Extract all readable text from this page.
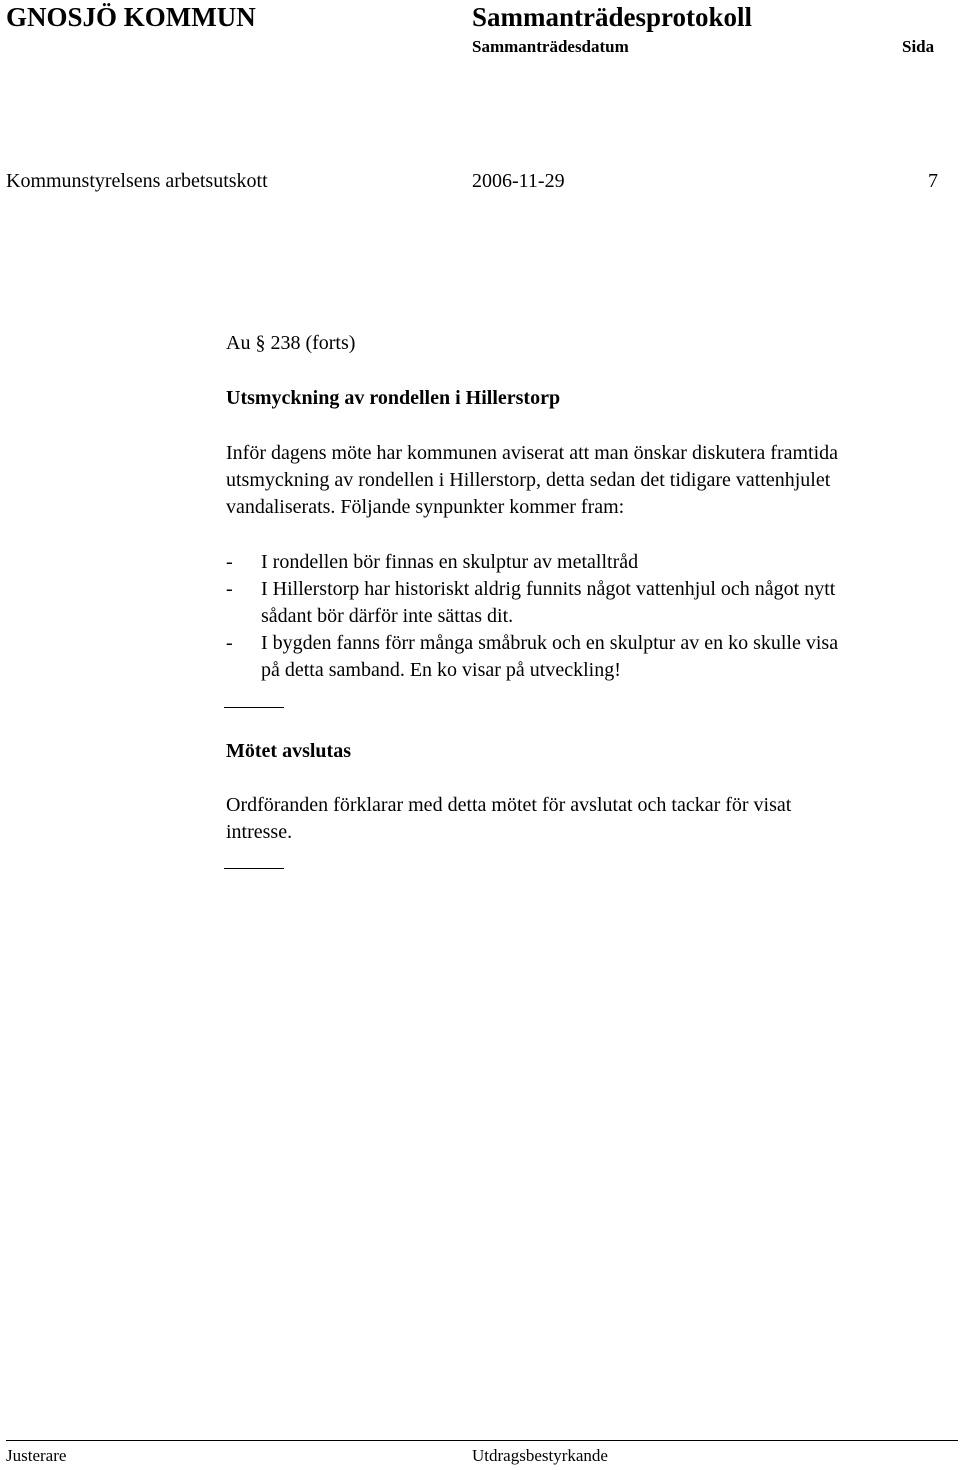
GNOSJÖ KOMMUN	Sammanträdesprotokoll
Sammanträdesdatum	Sida
Kommunstyrelsens arbetsutskott	2006-11-29	7
Au § 238 (forts)
Utsmyckning av rondellen i Hillerstorp
Inför dagens möte har kommunen aviserat att man önskar diskutera framtida
utsmyckning av rondellen i Hillerstorp, detta sedan det tidigare vattenhjulet
vandaliserats. Följande synpunkter kommer fram:
- I rondellen bör finnas en skulptur av metalltråd
- I Hillerstorp har historiskt aldrig funnits något vattenhjul och något nytt
sådant bör därför inte sättas dit.
- I bygden fanns förr många småbruk och en skulptur av en ko skulle visa
på detta samband. En ko visar på utveckling!
Mötet avslutas
Ordföranden förklarar med detta mötet för avslutat och tackar för visat
intresse.
Justerare	Utdragsbestyrkande
